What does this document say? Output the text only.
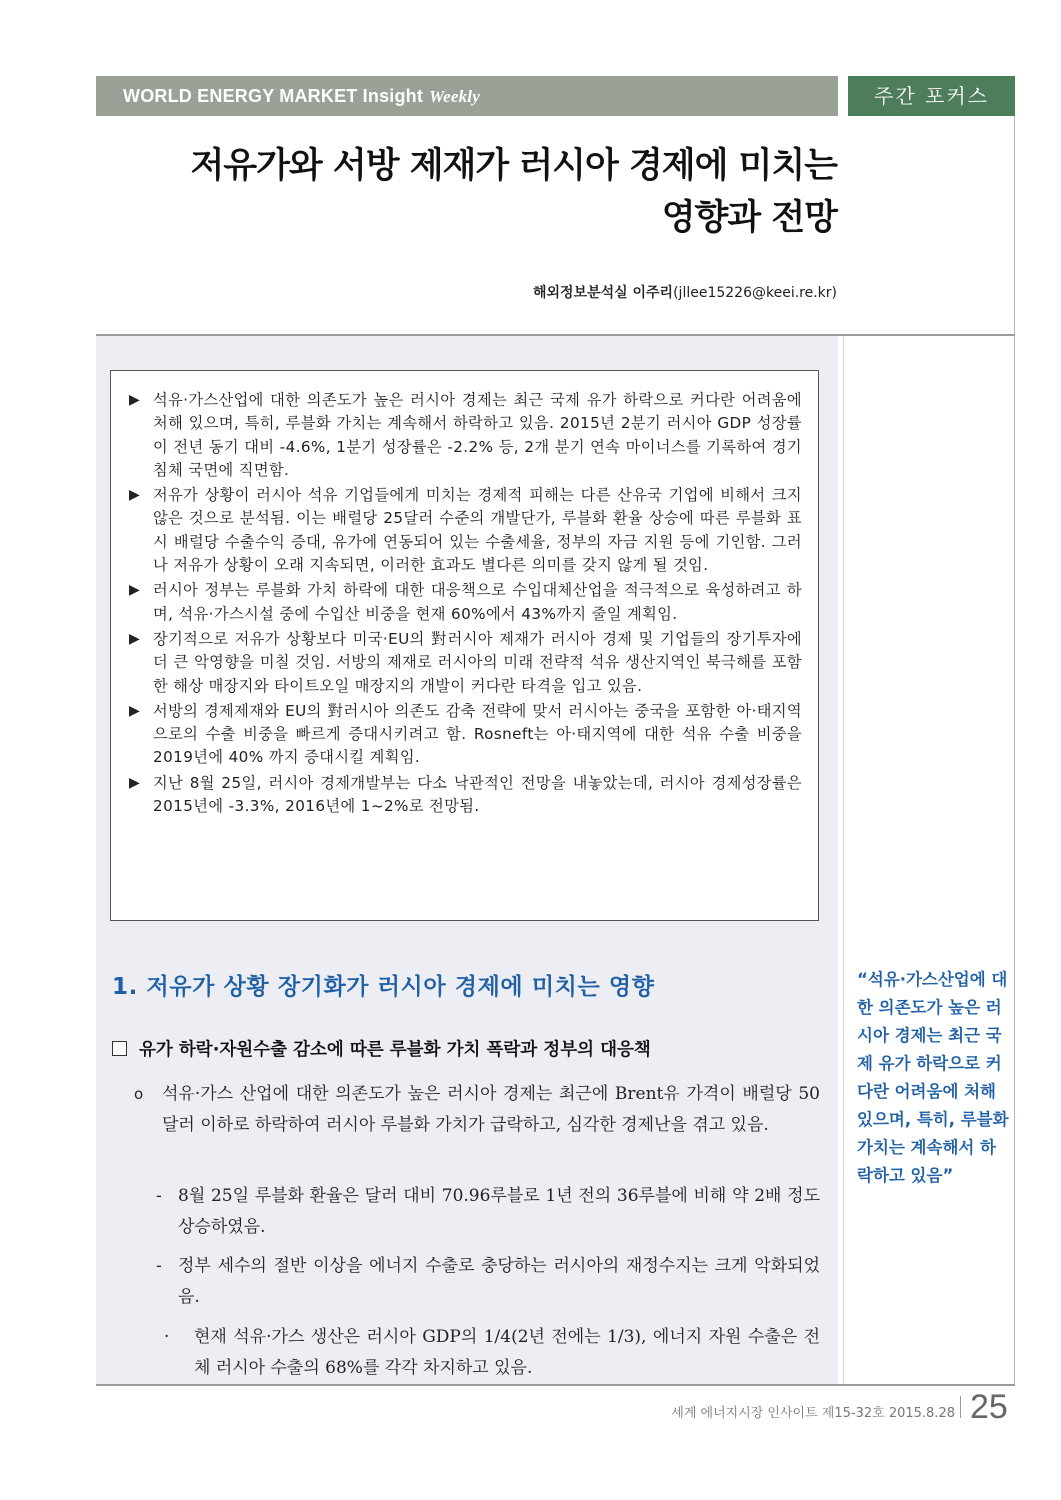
WORLD ENERGY MARKET Insight Weekly	주간 포커스
저유가와 서방 제재가 러시아 경제에 미치는
영향과 전망
해외정보분석실 이주리(jllee15226@keei.re.kr)
▶ 석유·가스산업에 대한 의존도가 높은 러시아 경제는 최근 국제 유가 하락으로 커다란 어려움에 처해 있으며, 특히, 루블화 가치는 계속해서 하락하고 있음. 2015년 2분기 러시아 GDP 성장률이 전년 동기 대비 -4.6%, 1분기 성장률은 -2.2% 등, 2개 분기 연속 마이너스를 기록하여 경기침체 국면에 직면함.
▶ 저유가 상황이 러시아 석유 기업들에게 미치는 경제적 피해는 다른 산유국 기업에 비해서 크지 않은 것으로 분석됨. 이는 배럴당 25달러 수준의 개발단가, 루블화 환율 상승에 따른 루블화 표시 배럴당 수출수익 증대, 유가에 연동되어 있는 수출세율, 정부의 자금 지원 등에 기인함. 그러나 저유가 상황이 오래 지속되면, 이러한 효과도 별다른 의미를 갖지 않게 될 것임.
▶ 러시아 정부는 루블화 가치 하락에 대한 대응책으로 수입대체산업을 적극적으로 육성하려고 하며, 석유·가스시설 중에 수입산 비중을 현재 60%에서 43%까지 줄일 계획임.
▶ 장기적으로 저유가 상황보다 미국·EU의 對러시아 제재가 러시아 경제 및 기업들의 장기투자에 더 큰 악영향을 미칠 것임. 서방의 제재로 러시아의 미래 전략적 석유 생산지역인 북극해를 포함한 해상 매장지와 타이트오일 매장지의 개발이 커다란 타격을 입고 있음.
▶ 서방의 경제제재와 EU의 對러시아 의존도 감축 전략에 맞서 러시아는 중국을 포함한 아·태지역으로의 수출 비중을 빠르게 증대시키려고 함. Rosneft는 아·태지역에 대한 석유 수출 비중을 2019년에 40% 까지 증대시킬 계획임.
▶ 지난 8월 25일, 러시아 경제개발부는 다소 낙관적인 전망을 내놓았는데, 러시아 경제성장률은 2015년에 -3.3%, 2016년에 1~2%로 전망됨.
1. 저유가 상황 장기화가 러시아 경제에 미치는 영향
유가 하락·자원수출 감소에 따른 루블화 가치 폭락과 정부의 대응책
o	석유·가스 산업에 대한 의존도가 높은 러시아 경제는 최근에 Brent유 가격이 배럴당 50달러 이하로 하락하여 러시아 루블화 가치가 급락하고, 심각한 경제난을 겪고 있음.
- 8월 25일 루블화 환율은 달러 대비 70.96루블로 1년 전의 36루블에 비해 약 2배 정도 상승하였음.
- 정부 세수의 절반 이상을 에너지 수출로 충당하는 러시아의 재정수지는 크게 악화되었음.
·	현재 석유·가스 생산은 러시아 GDP의 1/4(2년 전에는 1/3), 에너지 자원 수출은 전체 러시아 수출의 68%를 각각 차지하고 있음.
“석유·가스산업에 대한 의존도가 높은 러시아 경제는 최근 국제 유가 하락으로 커다란 어려움에 처해 있으며, 특히, 루블화 가치는 계속해서 하락하고 있음”
세계 에너지시장 인사이트 제15-32호 2015.8.28 25
